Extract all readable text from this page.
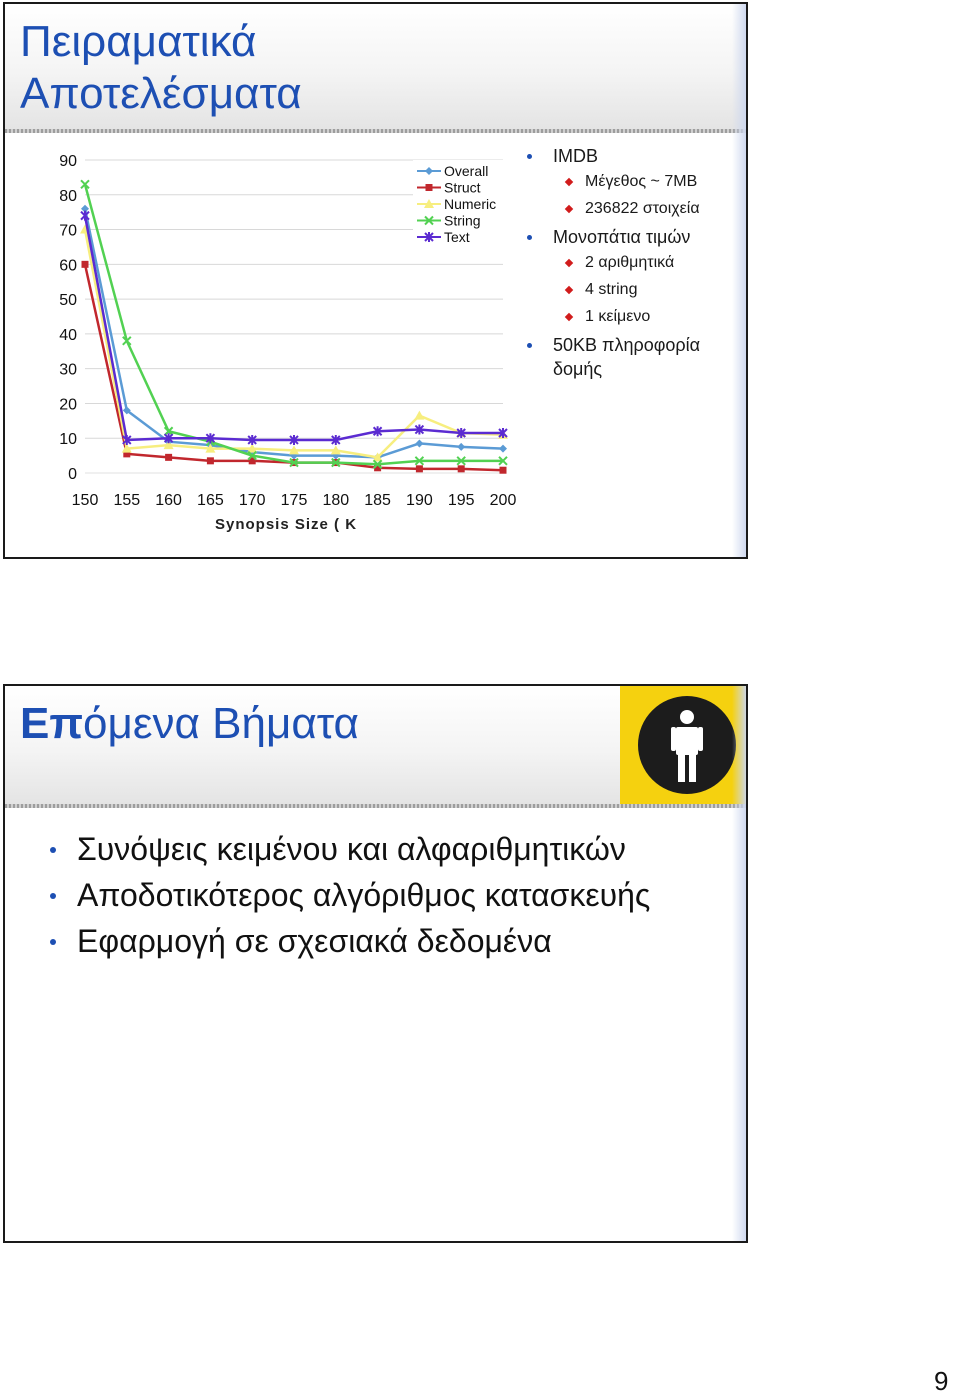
Πειραματικά
Αποτελέσματα
0
10
20
30
40
50
60
70
80
90
150 155 160 165 170 175 180 185 190 195 200
Synopsis Size ( K
Overall
Struct
Numeric
String
Text
IMDB
Μέγεθος ~ 7MB
236822 στοιχεία
Μονοπάτια τιμών
2 αριθμητικά
4 string
1 κείμενο
50KB πληροφορία δομής
Επόμενα Βήματα
Συνόψεις κειμένου και αλφαριθμητικών
Αποδοτικότερος αλγόριθμος κατασκευής
Εφαρμογή σε σχεσιακά δεδομένα
9
